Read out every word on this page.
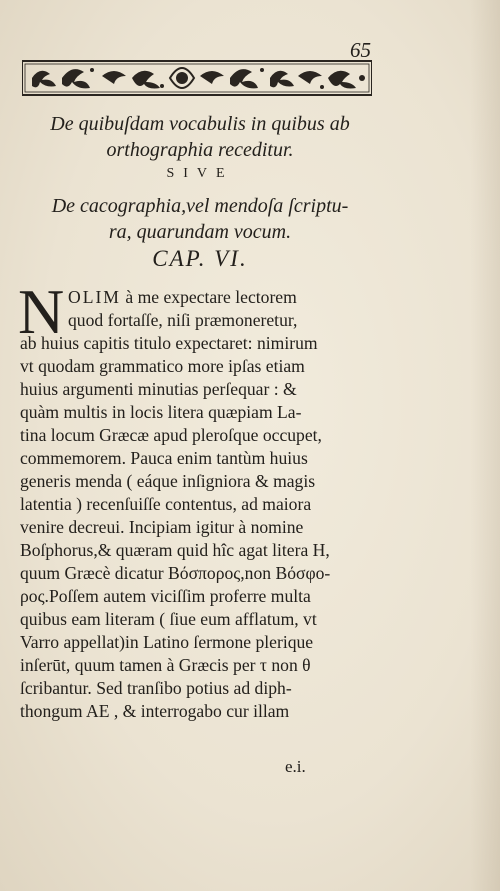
65
De quibuſdam vocabulis in quibus ab
orthographia receditur.
SIVE
De cacographia,vel mendoſa ſcriptu-
ra, quarundam vocum.
CAP. VI.
N OLIM à me expectare lectorem
quod fortaſſe, niſi præmoneretur,
ab huius capitis titulo expectaret: nimirum
vt quodam grammatico more ipſas etiam
huius argumenti minutias perſequar : &
quàm multis in locis litera quæpiam La-
tina locum Græcæ apud pleroſque occupet,
commemorem. Pauca enim tantùm huius
generis menda ( eáque inſigniora & magis
latentia ) recenſuiſſe contentus, ad maiora
venire decreui. Incipiam igitur à nomine
Boſphorus,& quæram quid hîc agat litera H,
quum Græcè dicatur Βόσπορος,non Βόσφο-
ρος.Poſſem autem viciſſim proferre multa
quibus eam literam ( ſiue eum afflatum, vt
Varro appellat)in Latino ſermone plerique
inſerūt, quum tamen à Græcis per τ non θ
ſcribantur. Sed tranſibo potius ad diph-
thongum AE , & interrogabo cur illam
e.i.
